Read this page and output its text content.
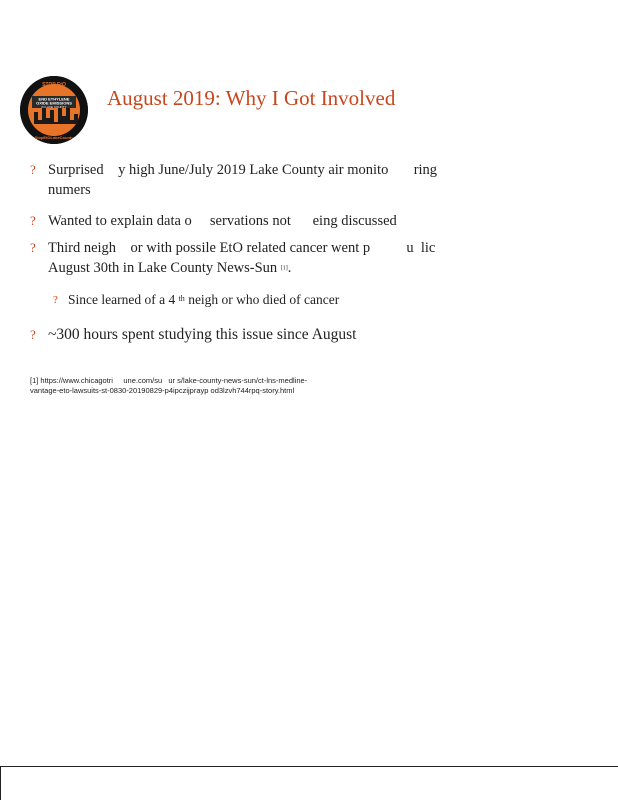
STOP EtO
END ETHYLENE
OXIDE EMISSIONS
IN LAKE COUNTY
StopEtOLakeCounty
August 2019: Why I Got Involved
? Surprised    y high June/July 2019 Lake County air monito       ring
numers
? Wanted to explain data o     servations not      eing discussed
? Third neigh    or with possile EtO related cancer went p          u  lic
August 30th in Lake County News-Sun [1].
? Since learned of a 4 $^{th}$ neigh or who died of cancer
? ~300 hours spent studying this issue since August
[1] https://www.chicagotri     une.com/su   ur s/lake-county-news-sun/ct-lns-medline-
vantage-eto-lawsuits-st-0830-20190829-p4ipczijprayp od3lzvh744rpq-story.html
